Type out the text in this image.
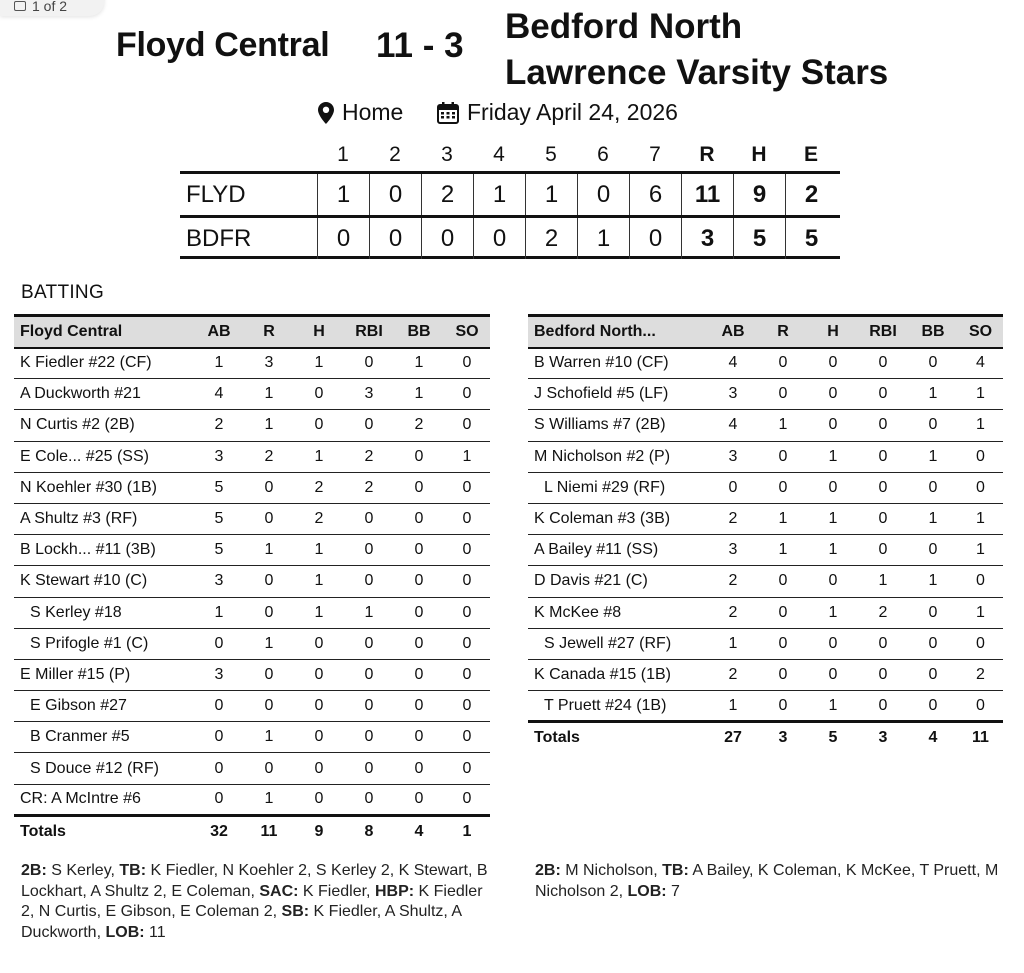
1 of 2
Floyd Central 11 - 3 Bedford North
Lawrence Varsity Stars
Home	Friday April 24, 2026
1	2	3	4	5	6	7	R	H	E
FLYD	1	0	2	1	1	0	6	11	9	2
BDFR	0	0	0	0	2	1	0	3	5	5
BATTING
Floyd Central	AB	R	H	RBI	BB	SO
K Fiedler #22 (CF)	1	3	1	0	1	0
A Duckworth #21	4	1	0	3	1	0
N Curtis #2 (2B)	2	1	0	0	2	0
E Cole... #25 (SS)	3	2	1	2	0	1
N Koehler #30 (1B)	5	0	2	2	0	0
A Shultz #3 (RF)	5	0	2	0	0	0
B Lockh... #11 (3B)	5	1	1	0	0	0
K Stewart #10 (C)	3	0	1	0	0	0
S Kerley #18	1	0	1	1	0	0
S Prifogle #1 (C)	0	1	0	0	0	0
E Miller #15 (P)	3	0	0	0	0	0
E Gibson #27	0	0	0	0	0	0
B Cranmer #5	0	1	0	0	0	0
S Douce #12 (RF)	0	0	0	0	0	0
CR: A McIntre #6	0	1	0	0	0	0
Totals	32	11	9	8	4	1
Bedford North...	AB	R	H	RBI	BB	SO
B Warren #10 (CF)	4	0	0	0	0	4
J Schofield #5 (LF)	3	0	0	0	1	1
S Williams #7 (2B)	4	1	0	0	0	1
M Nicholson #2 (P)	3	0	1	0	1	0
L Niemi #29 (RF)	0	0	0	0	0	0
K Coleman #3 (3B)	2	1	1	0	1	1
A Bailey #11 (SS)	3	1	1	0	0	1
D Davis #21 (C)	2	0	0	1	1	0
K McKee #8	2	0	1	2	0	1
S Jewell #27 (RF)	1	0	0	0	0	0
K Canada #15 (1B)	2	0	0	0	0	2
T Pruett #24 (1B)	1	0	1	0	0	0
Totals	27	3	5	3	4	11
2B: S Kerley, TB: K Fiedler, N Koehler 2, S Kerley 2, K Stewart, B Lockhart, A Shultz 2, E Coleman, SAC: K Fiedler, HBP: K Fiedler 2, N Curtis, E Gibson, E Coleman 2, SB: K Fiedler, A Shultz, A Duckworth, LOB: 11
2B: M Nicholson, TB: A Bailey, K Coleman, K McKee, T Pruett, M Nicholson 2, LOB: 7
